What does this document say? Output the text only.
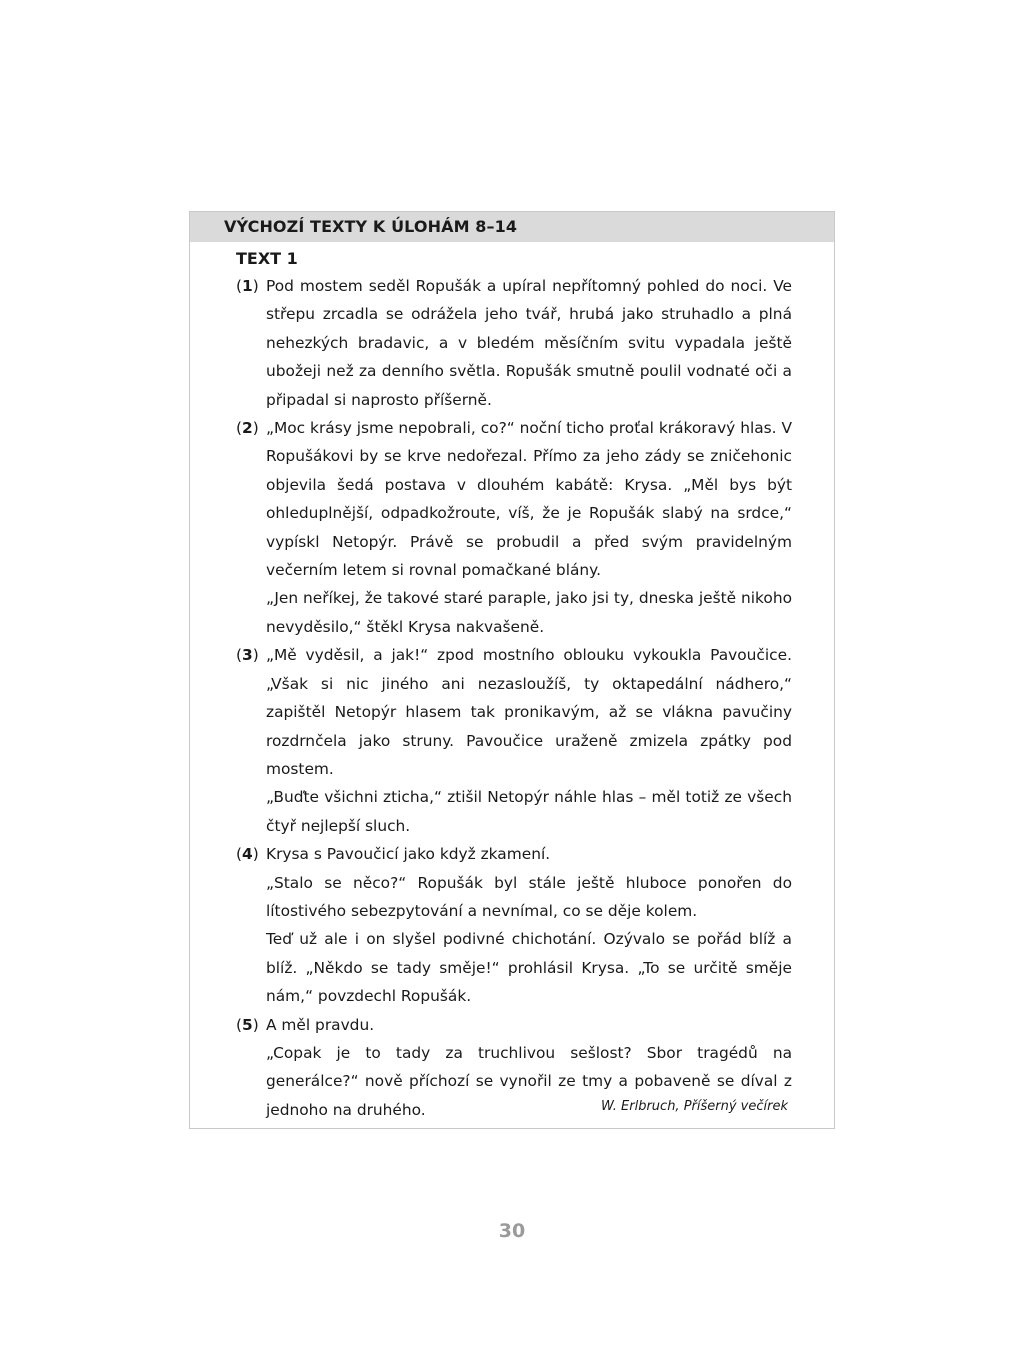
VÝCHOZÍ TEXTY K ÚLOHÁM 8–14
TEXT 1
(1) Pod mostem seděl Ropušák a upíral nepřítomný pohled do noci. Ve střepu zrcadla se odrážela jeho tvář, hrubá jako struhadlo a plná nehezkých bradavic, a v bledém měsíčním svitu vypadala ještě ubožeji než za denního světla. Ropušák smutně poulil vodnaté oči a připadal si naprosto příšerně.
(2) „Moc krásy jsme nepobrali, co?“ noční ticho proťal krákoravý hlas. V Ropušákovi by se krve nedořezal. Přímo za jeho zády se zničehonic objevila šedá postava v dlouhém kabátě: Krysa. „Měl bys být ohleduplnější, odpadkožroute, víš, že je Ropušák slabý na srdce,“ vypískl Netopýr. Právě se probudil a před svým pravidelným večerním letem si rovnal pomačkané blány.
„Jen neříkej, že takové staré paraple, jako jsi ty, dneska ještě nikoho nevyděsilo,“ štěkl Krysa nakvašeně.
(3) „Mě vyděsil, a jak!“ zpod mostního oblouku vykoukla Pavoučice. „Však si nic jiného ani nezasloužíš, ty oktapedální nádhero,“ zapištěl Netopýr hlasem tak pronikavým, až se vlákna pavučiny rozdrnčela jako struny. Pavoučice uraženě zmizela zpátky pod mostem.
„Buďte všichni zticha,“ ztišil Netopýr náhle hlas – měl totiž ze všech čtyř nejlepší sluch.
(4) Krysa s Pavoučicí jako když zkamení.
„Stalo se něco?“ Ropušák byl stále ještě hluboce ponořen do lítostivého sebezpytování a nevnímal, co se děje kolem.
Teď už ale i on slyšel podivné chichotání. Ozývalo se pořád blíž a blíž. „Někdo se tady směje!“ prohlásil Krysa. „To se určitě směje nám,“ povzdechl Ropušák.
(5) A měl pravdu.
„Copak je to tady za truchlivou sešlost? Sbor tragédů na generálce?“ nově příchozí se vynořil ze tmy a pobaveně se díval z jednoho na druhého.	W. Erlbruch, Příšerný večírek
30
